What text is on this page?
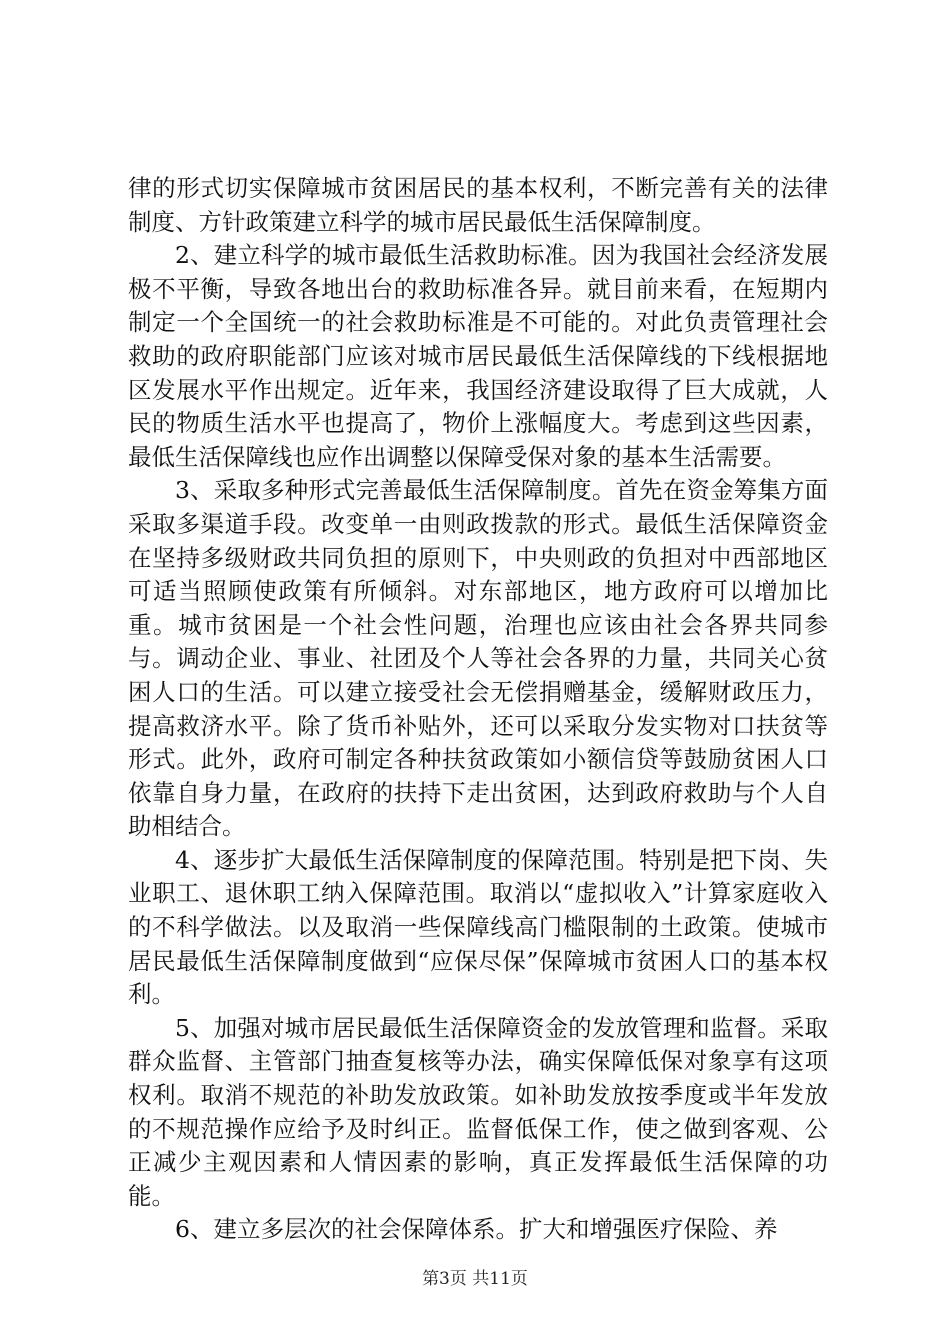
律的形式切实保障城市贫困居民的基本权利，不断完善有关的法律制度、方针政策建立科学的城市居民最低生活保障制度。

2、建立科学的城市最低生活救助标准。因为我国社会经济发展极不平衡，导致各地出台的救助标准各异。就目前来看，在短期内制定一个全国统一的社会救助标准是不可能的。对此负责管理社会救助的政府职能部门应该对城市居民最低生活保障线的下线根据地区发展水平作出规定。近年来，我国经济建设取得了巨大成就，人民的物质生活水平也提高了，物价上涨幅度大。考虑到这些因素，最低生活保障线也应作出调整以保障受保对象的基本生活需要。

3、采取多种形式完善最低生活保障制度。首先在资金筹集方面采取多渠道手段。改变单一由则政拨款的形式。最低生活保障资金在坚持多级财政共同负担的原则下，中央则政的负担对中西部地区可适当照顾使政策有所倾斜。对东部地区，地方政府可以增加比重。城市贫困是一个社会性问题，治理也应该由社会各界共同参与。调动企业、事业、社团及个人等社会各界的力量，共同关心贫困人口的生活。可以建立接受社会无偿捐赠基金，缓解财政压力，提高救济水平。除了货币补贴外，还可以采取分发实物对口扶贫等形式。此外，政府可制定各种扶贫政策如小额信贷等鼓励贫困人口依靠自身力量，在政府的扶持下走出贫困，达到政府救助与个人自助相结合。

4、逐步扩大最低生活保障制度的保障范围。特别是把下岗、失业职工、退休职工纳入保障范围。取消以“虚拟收入”计算家庭收入的不科学做法。以及取消一些保障线高门槛限制的土政策。使城市居民最低生活保障制度做到“应保尽保”保障城市贫困人口的基本权利。

5、加强对城市居民最低生活保障资金的发放管理和监督。采取群众监督、主管部门抽查复核等办法，确实保障低保对象享有这项权利。取消不规范的补助发放政策。如补助发放按季度或半年发放的不规范操作应给予及时纠正。监督低保工作，使之做到客观、公正减少主观因素和人情因素的影响，真正发挥最低生活保障的功能。

6、建立多层次的社会保障体系。扩大和增强医疗保险、养

第3页 共11页
